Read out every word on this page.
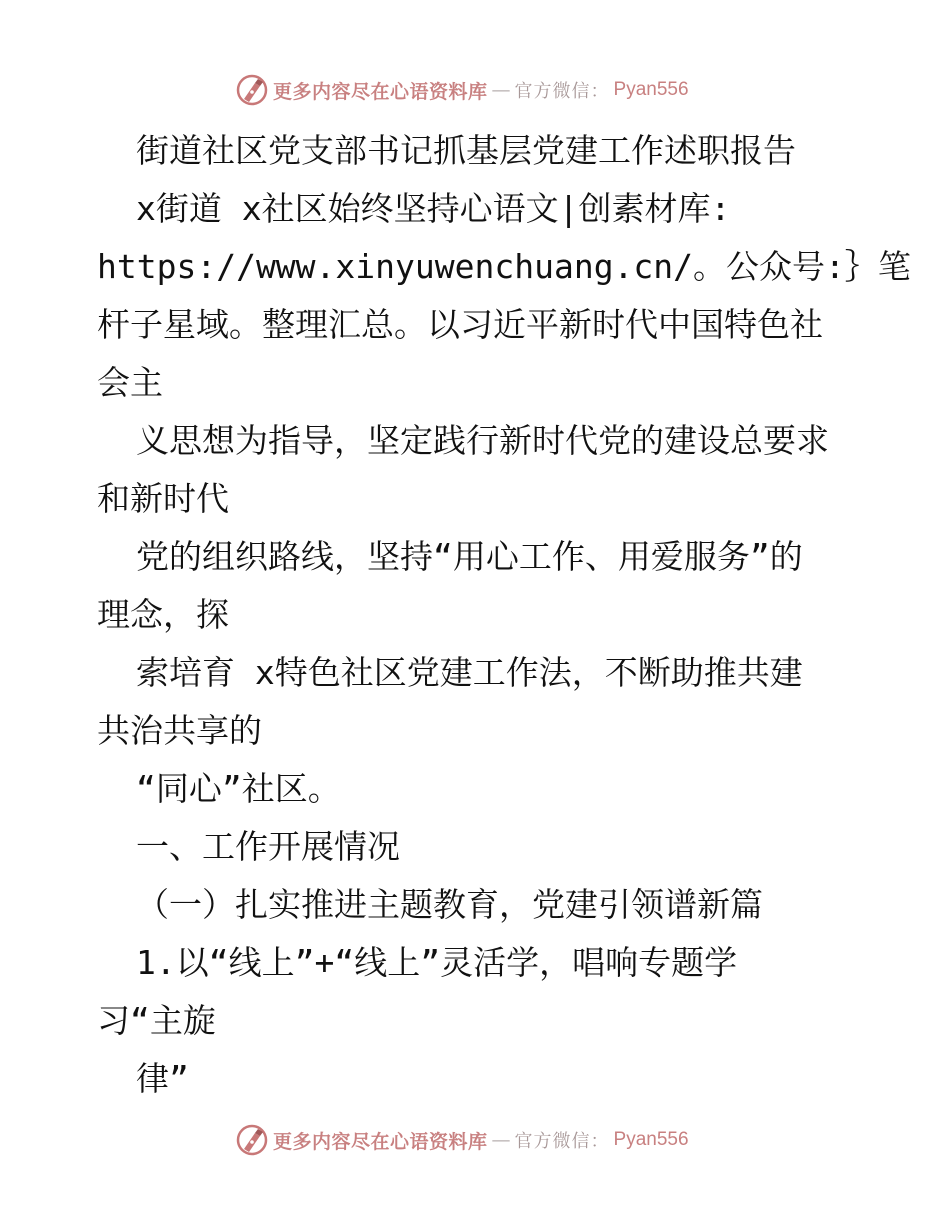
更多内容尽在心语资料库 — 官方微信： Pyan556
街道社区党支部书记抓基层党建工作述职报告
x街道 x社区始终坚持心语文|创素材库:
https://www.xinyuwenchuang.cn/。公众号:｝笔
杆子星域。整理汇总。以习近平新时代中国特色社
会主
义思想为指导，坚定践行新时代党的建设总要求
和新时代
党的组织路线，坚持“用心工作、用爱服务”的
理念，探
索培育 x特色社区党建工作法，不断助推共建
共治共享的
“同心”社区。
一、工作开展情况
（一）扎实推进主题教育，党建引领谱新篇
1.以“线上”+“线上”灵活学，唱响专题学
习“主旋
律”
更多内容尽在心语资料库 — 官方微信： Pyan556
